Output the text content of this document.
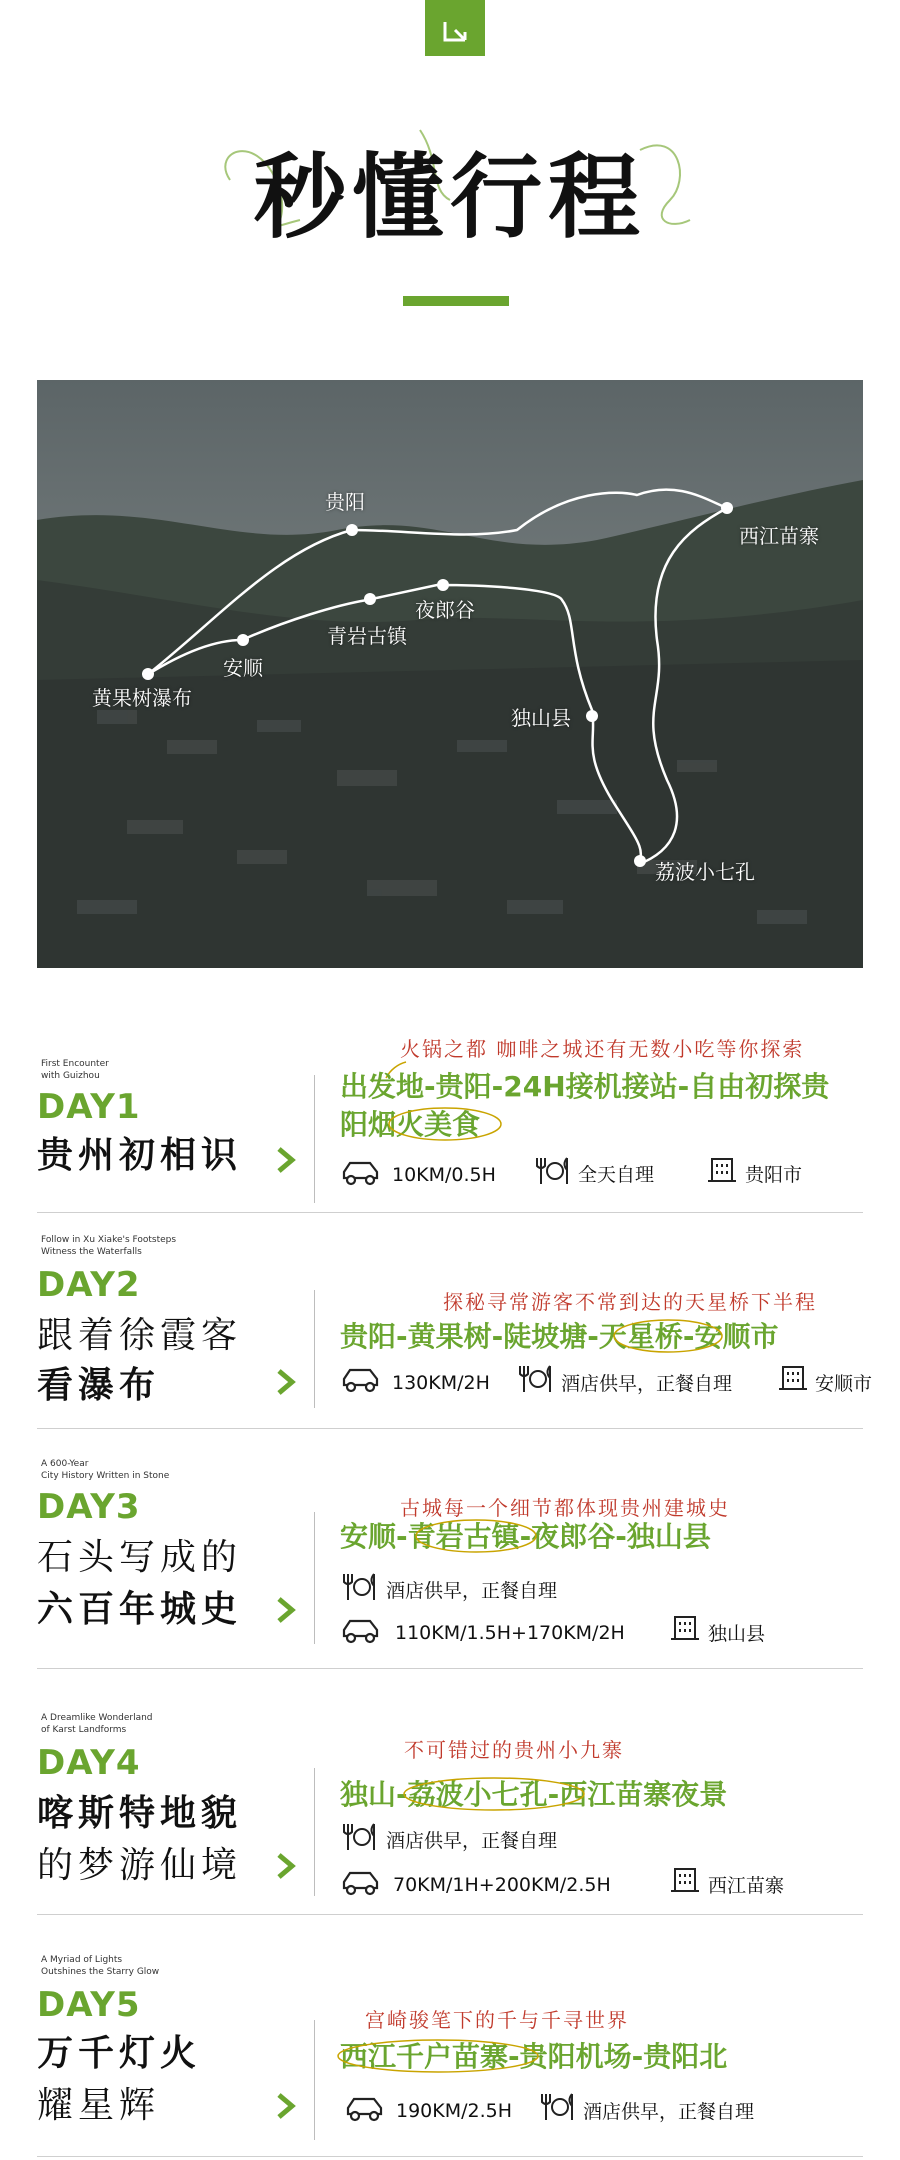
秒懂行程
贵阳
西江苗寨
夜郎谷
青岩古镇
安顺
黄果树瀑布
独山县
荔波小七孔
First Encounter
with Guizhou
DAY1
贵州初相识
火锅之都 咖啡之城还有无数小吃等你探索
出发地-贵阳-24H接机接站-自由初探贵
阳烟火美食
10KM/0.5H	全天自理	贵阳市
Follow in Xu Xiake's Footsteps
Witness the Waterfalls
DAY2
跟着徐霞客
看瀑布
探秘寻常游客不常到达的天星桥下半程
贵阳-黄果树-陡坡塘-天星桥-安顺市
130KM/2H	酒店供早，正餐自理	安顺市
A 600-Year
City History Written in Stone
DAY3
石头写成的
六百年城史
古城每一个细节都体现贵州建城史
安顺-青岩古镇-夜郎谷-独山县
酒店供早，正餐自理
110KM/1.5H+170KM/2H	独山县
A Dreamlike Wonderland
of Karst Landforms
DAY4
喀斯特地貌
的梦游仙境
不可错过的贵州小九寨
独山-荔波小七孔-西江苗寨夜景
酒店供早，正餐自理
70KM/1H+200KM/2.5H	西江苗寨
A Myriad of Lights
Outshines the Starry Glow
DAY5
万千灯火
耀星辉
宫崎骏笔下的千与千寻世界
西江千户苗寨-贵阳机场-贵阳北
190KM/2.5H	酒店供早，正餐自理
